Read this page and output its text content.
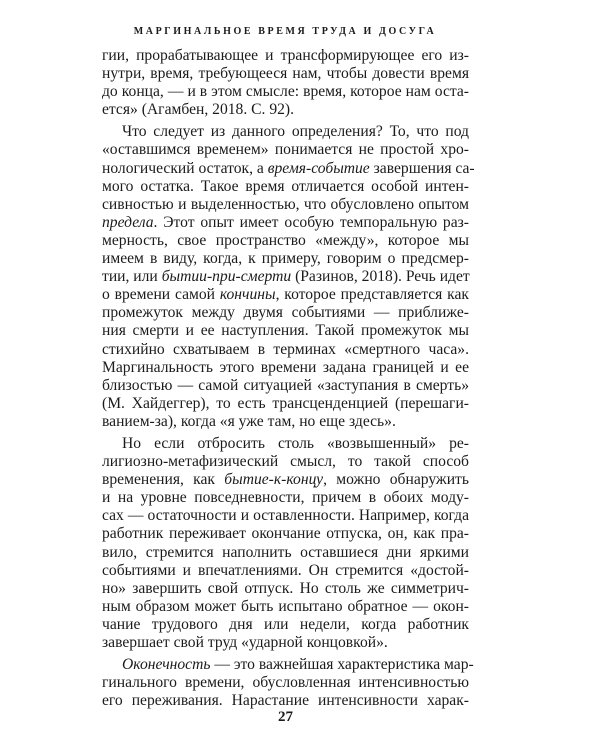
МАРГИНАЛЬНОЕ ВРЕМЯ ТРУДА И ДОСУГА
гии, прорабатывающее и трансформирующее его из-
нутри, время, требующееся нам, чтобы довести время
до конца, — и в этом смысле: время, которое нам оста-
ется» (Агамбен, 2018. С. 92).
Что следует из данного определения? То, что под
«оставшимся временем» понимается не простой хро-
нологический остаток, а время-событие завершения са-
мого остатка. Такое время отличается особой интен-
сивностью и выделенностью, что обусловлено опытом
предела. Этот опыт имеет особую темпоральную раз-
мерность, свое пространство «между», которое мы
имеем в виду, когда, к примеру, говорим о предсмер-
тии, или бытии-при-смерти (Разинов, 2018). Речь идет
о времени самой кончины, которое представляется как
промежуток между двумя событиями — приближе-
ния смерти и ее наступления. Такой промежуток мы
стихийно схватываем в терминах «смертного часа».
Маргинальность этого времени задана границей и ее
близостью — самой ситуацией «заступания в смерть»
(М. Хайдеггер), то есть трансценденцией (перешаги-
ванием-за), когда «я уже там, но еще здесь».
Но если отбросить столь «возвышенный» ре-
лигиозно-метафизический смысл, то такой способ
временения, как бытие-к-концу, можно обнаружить
и на уровне повседневности, причем в обоих моду-
сах — остаточности и оставленности. Например, когда
работник переживает окончание отпуска, он, как пра-
вило, стремится наполнить оставшиеся дни яркими
событиями и впечатлениями. Он стремится «достой-
но» завершить свой отпуск. Но столь же симметрич-
ным образом может быть испытано обратное — окон-
чание трудового дня или недели, когда работник
завершает свой труд «ударной концовкой».
Оконечность — это важнейшая характеристика мар-
гинального времени, обусловленная интенсивностью
его переживания. Нарастание интенсивности харак-
27
